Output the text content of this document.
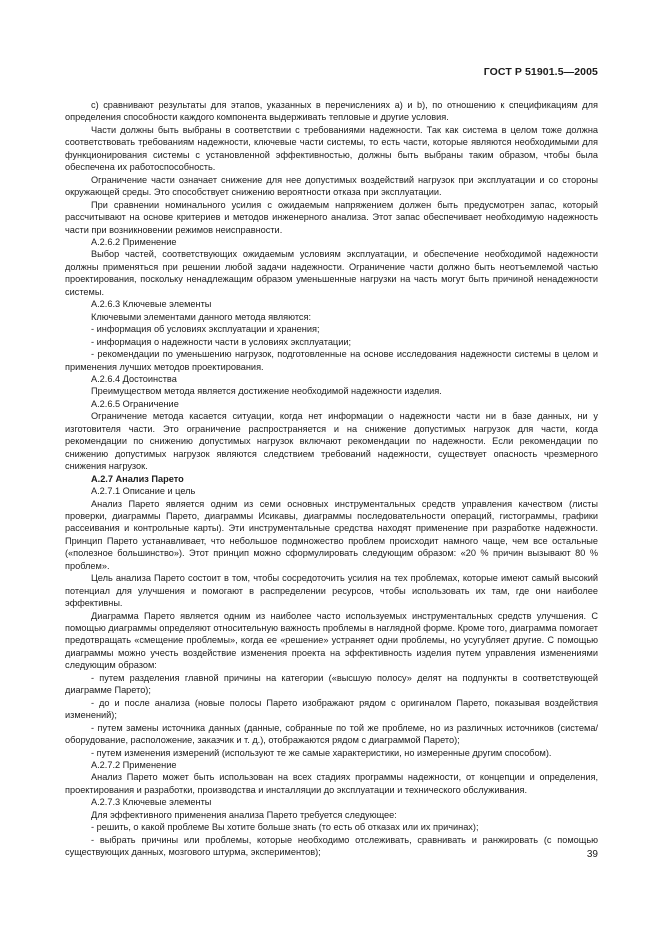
ГОСТ Р 51901.5—2005

с) сравнивают результаты для этапов, указанных в перечислениях а) и b), по отношению к спецификациям для определения способности каждого компонента выдерживать тепловые и другие условия.

Части должны быть выбраны в соответствии с требованиями надежности. Так как система в целом тоже должна соответствовать требованиям надежности, ключевые части системы, то есть части, которые являются необходимыми для функционирования системы с установленной эффективностью, должны быть выбраны таким образом, чтобы была обеспечена их работоспособность.

Ограничение части означает снижение для нее допустимых воздействий нагрузок при эксплуатации и со стороны окружающей среды. Это способствует снижению вероятности отказа при эксплуатации.

При сравнении номинального усилия с ожидаемым напряжением должен быть предусмотрен запас, который рассчитывают на основе критериев и методов инженерного анализа. Этот запас обеспечивает необходимую надежность части при возникновении режимов неисправности.

А.2.6.2 Применение

Выбор частей, соответствующих ожидаемым условиям эксплуатации, и обеспечение необходимой надежности должны применяться при решении любой задачи надежности. Ограничение части должно быть неотъемлемой частью проектирования, поскольку ненадлежащим образом уменьшенные нагрузки на часть могут быть причиной ненадежности системы.

А.2.6.3 Ключевые элементы

Ключевыми элементами данного метода являются:

- информация об условиях эксплуатации и хранения;

- информация о надежности части в условиях эксплуатации;

- рекомендации по уменьшению нагрузок, подготовленные на основе исследования надежности системы в целом и применения лучших методов проектирования.

А.2.6.4 Достоинства

Преимуществом метода является достижение необходимой надежности изделия.

А.2.6.5 Ограничение

Ограничение метода касается ситуации, когда нет информации о надежности части ни в базе данных, ни у изготовителя части. Это ограничение распространяется и на снижение допустимых нагрузок для части, когда рекомендации по снижению допустимых нагрузок включают рекомендации по надежности. Если рекомендации по снижению допустимых нагрузок являются следствием требований надежности, существует опасность чрезмерного снижения нагрузок.

А.2.7 Анализ Парето

А.2.7.1 Описание и цель

Анализ Парето является одним из семи основных инструментальных средств управления качеством (листы проверки, диаграммы Парето, диаграммы Исикавы, диаграммы последовательности операций, гистограммы, графики рассеивания и контрольные карты). Эти инструментальные средства находят применение при разработке надежности. Принцип Парето устанавливает, что небольшое подмножество проблем происходит намного чаще, чем все остальные («полезное большинство»). Этот принцип можно сформулировать следующим образом: «20 % причин вызывают 80 % проблем».

Цель анализа Парето состоит в том, чтобы сосредоточить усилия на тех проблемах, которые имеют самый высокий потенциал для улучшения и помогают в распределении ресурсов, чтобы использовать их там, где они наиболее эффективны.

Диаграмма Парето является одним из наиболее часто используемых инструментальных средств улучшения. С помощью диаграммы определяют относительную важность проблемы в наглядной форме. Кроме того, диаграмма помогает предотвращать «смещение проблемы», когда ее «решение» устраняет одни проблемы, но усугубляет другие. С помощью диаграммы можно учесть воздействие изменения проекта на эффективность изделия путем управления изменениями следующим образом:

- путем разделения главной причины на категории («высшую полосу» делят на подпункты в соответствующей диаграмме Парето);

- до и после анализа (новые полосы Парето изображают рядом с оригиналом Парето, показывая воздействия изменений);

- путем замены источника данных (данные, собранные по той же проблеме, но из различных источников (система/оборудование, расположение, заказчик и т. д.), отображаются рядом с диаграммой Парето);

- путем изменения измерений (используют те же самые характеристики, но измеренные другим способом).

А.2.7.2 Применение

Анализ Парето может быть использован на всех стадиях программы надежности, от концепции и определения, проектирования и разработки, производства и инсталляции до эксплуатации и технического обслуживания.

А.2.7.3 Ключевые элементы

Для эффективного применения анализа Парето требуется следующее:

- решить, о какой проблеме Вы хотите больше знать (то есть об отказах или их причинах);

- выбрать причины или проблемы, которые необходимо отслеживать, сравнивать и ранжировать (с помощью существующих данных, мозгового штурма, экспериментов);	39
